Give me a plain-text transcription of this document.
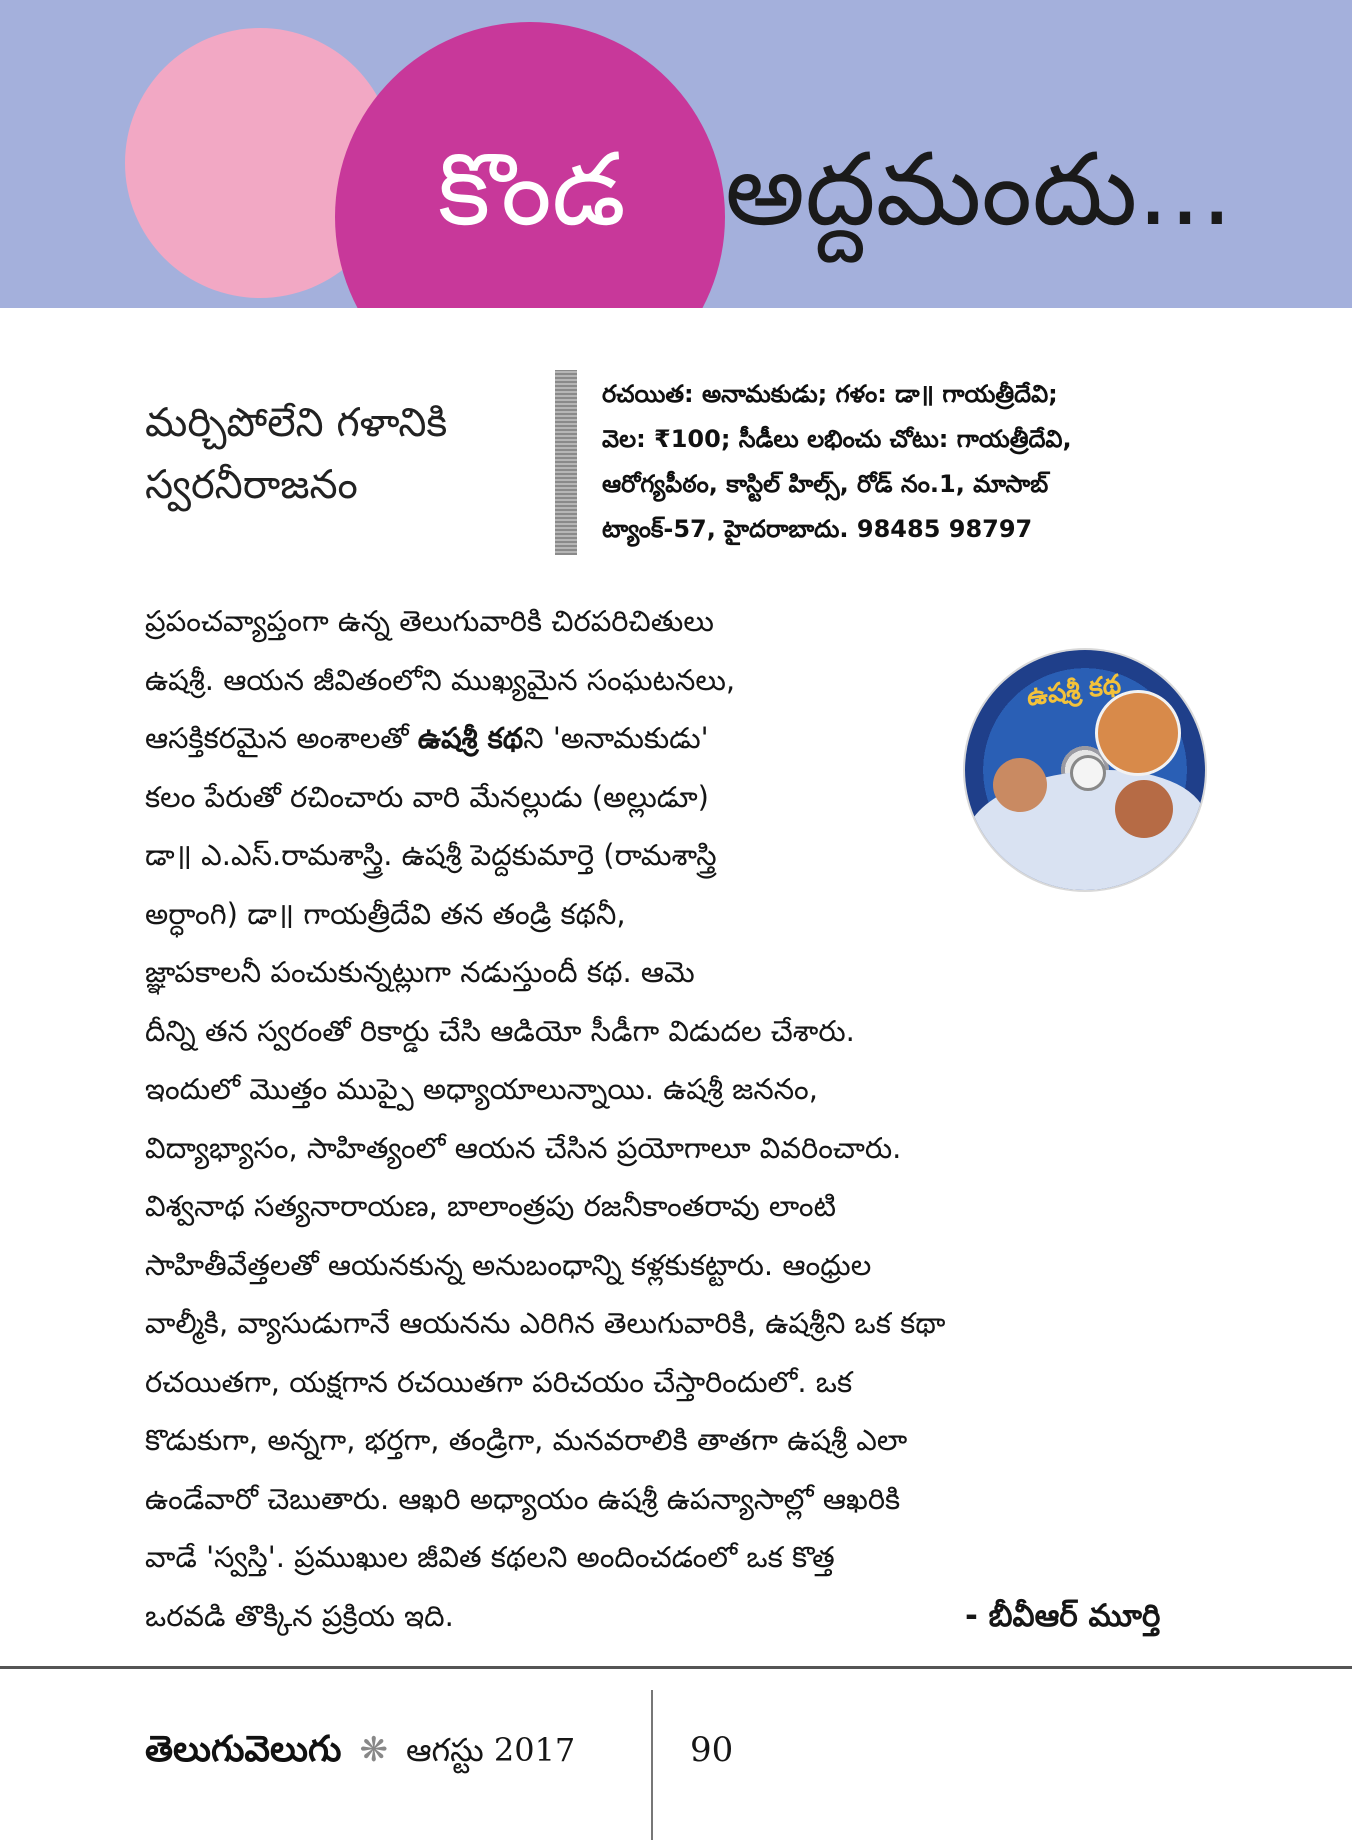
కొండ అద్దమందు...
మర్చిపోలేని గళానికి
స్వరనీరాజనం
రచయిత: అనామకుడు; గళం: డా॥ గాయత్రీదేవి;
వెల: ₹100; సీడీలు లభించు చోటు: గాయత్రీదేవి,
ఆరోగ్యపీఠం, కాస్టిల్ హిల్స్, రోడ్ నం.1, మాసాబ్
ట్యాంక్-57, హైదరాబాదు. 98485 98797
ఉషశ్రీ కథ
ప్రపంచవ్యాప్తంగా ఉన్న తెలుగువారికి చిరపరిచితులు
ఉషశ్రీ. ఆయన జీవితంలోని ముఖ్యమైన సంఘటనలు,
ఆసక్తికరమైన అంశాలతో ఉషశ్రీ కథని 'అనామకుడు'
కలం పేరుతో రచించారు వారి మేనల్లుడు (అల్లుడూ)
డా॥ ఎ.ఎస్.రామశాస్త్రి. ఉషశ్రీ పెద్దకుమార్తె (రామశాస్త్రి
అర్ధాంగి) డా॥ గాయత్రీదేవి తన తండ్రి కథనీ,
జ్ఞాపకాలనీ పంచుకున్నట్లుగా నడుస్తుందీ కథ. ఆమె
దీన్ని తన స్వరంతో రికార్డు చేసి ఆడియో సీడీగా విడుదల చేశారు.
ఇందులో మొత్తం ముప్పై అధ్యాయాలున్నాయి. ఉషశ్రీ జననం,
విద్యాభ్యాసం, సాహిత్యంలో ఆయన చేసిన ప్రయోగాలూ వివరించారు.
విశ్వనాథ సత్యనారాయణ, బాలాంత్రపు రజనీకాంతరావు లాంటి
సాహితీవేత్తలతో ఆయనకున్న అనుబంధాన్ని కళ్లకుకట్టారు. ఆంధ్రుల
వాల్మీకి, వ్యాసుడుగానే ఆయనను ఎరిగిన తెలుగువారికి, ఉషశ్రీని ఒక కథా
రచయితగా, యక్షగాన రచయితగా పరిచయం చేస్తారిందులో. ఒక
కొడుకుగా, అన్నగా, భర్తగా, తండ్రిగా, మనవరాలికి తాతగా ఉషశ్రీ ఎలా
ఉండేవారో చెబుతారు. ఆఖరి అధ్యాయం ఉషశ్రీ ఉపన్యాసాల్లో ఆఖరికి
వాడే 'స్వస్తి'. ప్రముఖుల జీవిత కథలని అందించడంలో ఒక కొత్త
ఒరవడి తొక్కిన ప్రక్రియ ఇది.	- బీవీఆర్ మూర్తి
తెలుగువెలుగు ❋ ఆగస్టు 2017	90
